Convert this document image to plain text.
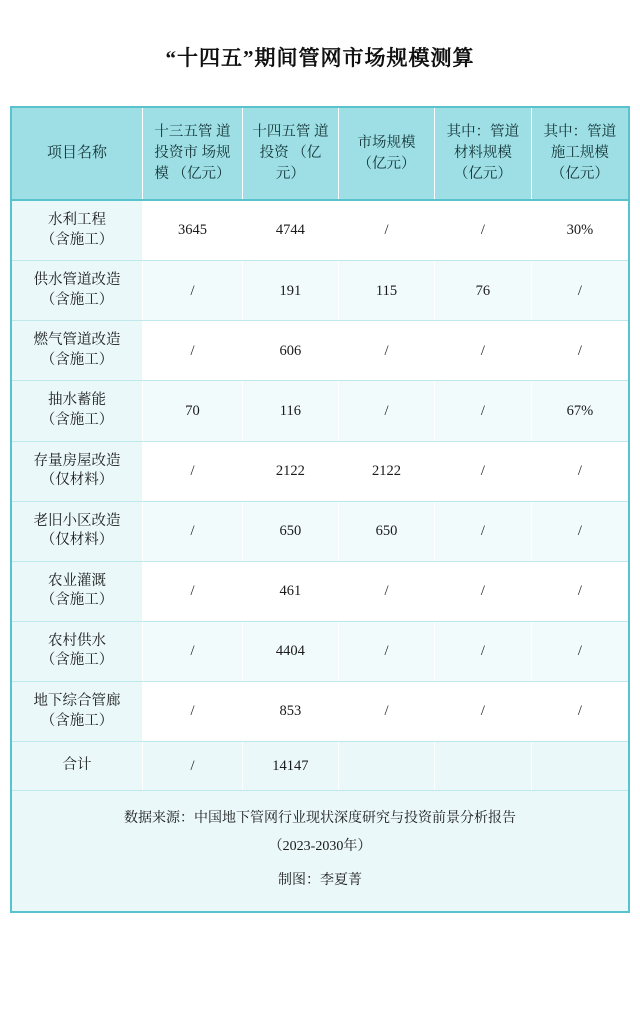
“十四五”期间管网市场规模测算
项目名称	十三五管 道投资市 场规模 （亿元）	十四五管 道投资 （亿元）	市场规模 （亿元）	其中：管道 材料规模 （亿元）	其中：管道 施工规模 （亿元）

水利工程
（含施工）	3645	4744	/	/	30%

供水管道改造
（含施工）	/	191	115	76	/

燃气管道改造
（含施工）	/	606	/	/	/

抽水蓄能
（含施工）	70	116	/	/	67%

存量房屋改造
（仅材料）	/	2122	2122	/	/

老旧小区改造
（仅材料）	/	650	650	/	/

农业灌溉
（含施工）	/	461	/	/	/

农村供水
（含施工）	/	4404	/	/	/

地下综合管廊
（含施工）	/	853	/	/	/
合计	/	14147			
数据来源：中国地下管网行业现状深度研究与投资前景分析报告
（2023-2030年）
制图：李夏菁
